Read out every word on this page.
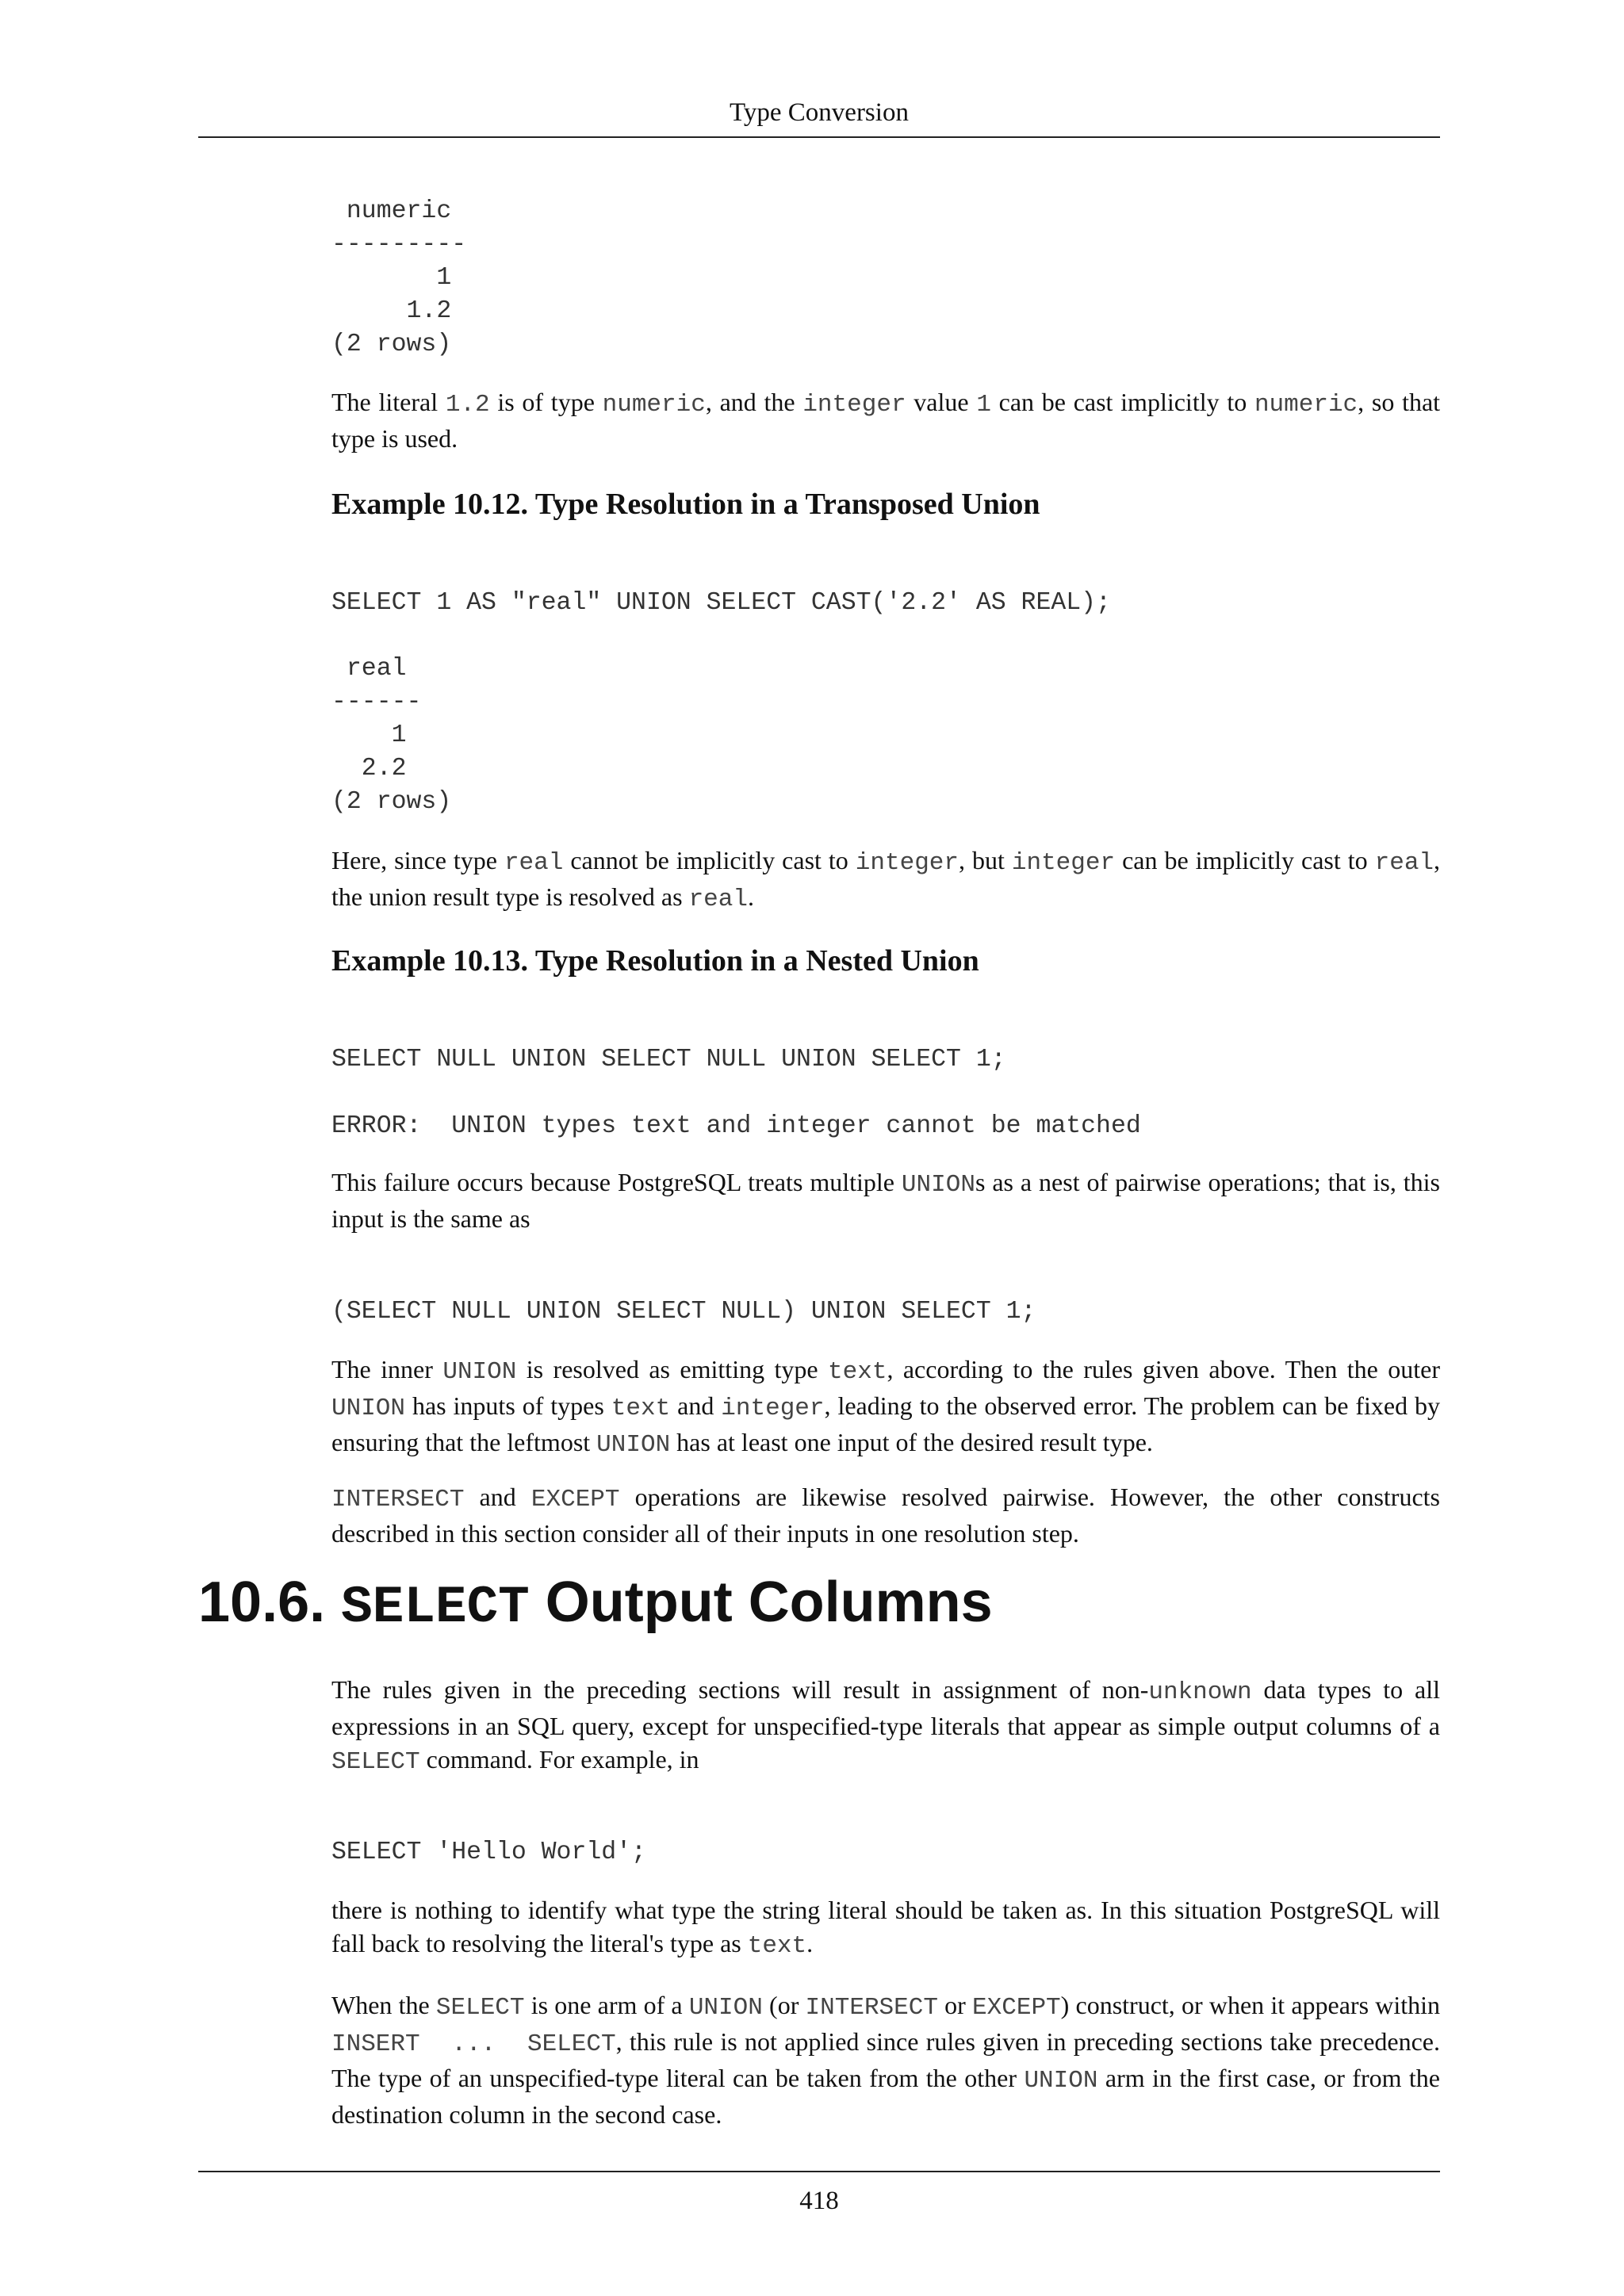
Type Conversion
numeric
---------
1
1.2
(2 rows)

The literal 1.2 is of type numeric, and the integer value 1 can be cast implicitly to numeric, so that type is used.

Example 10.12. Type Resolution in a Transposed Union
SELECT 1 AS "real" UNION SELECT CAST('2.2' AS REAL);
real
------
1
2.2
(2 rows)

Here, since type real cannot be implicitly cast to integer, but integer can be implicitly cast to real, the union result type is resolved as real.

Example 10.13. Type Resolution in a Nested Union
SELECT NULL UNION SELECT NULL UNION SELECT 1;
ERROR:  UNION types text and integer cannot be matched

This failure occurs because PostgreSQL treats multiple UNIONs as a nest of pairwise operations; that is, this input is the same as

(SELECT NULL UNION SELECT NULL) UNION SELECT 1;

The inner UNION is resolved as emitting type text, according to the rules given above. Then the outer UNION has inputs of types text and integer, leading to the observed error. The problem can be fixed by ensuring that the leftmost UNION has at least one input of the desired result type.

INTERSECT and EXCEPT operations are likewise resolved pairwise. However, the other constructs described in this section consider all of their inputs in one resolution step.

10.6. SELECT Output Columns

The rules given in the preceding sections will result in assignment of non-unknown data types to all expressions in an SQL query, except for unspecified-type literals that appear as simple output columns of a SELECT command. For example, in

SELECT 'Hello World';

there is nothing to identify what type the string literal should be taken as. In this situation PostgreSQL will fall back to resolving the literal's type as text.

When the SELECT is one arm of a UNION (or INTERSECT or EXCEPT) construct, or when it appears within INSERT  ...  SELECT, this rule is not applied since rules given in preceding sections take precedence. The type of an unspecified-type literal can be taken from the other UNION arm in the first case, or from the destination column in the second case.

418
